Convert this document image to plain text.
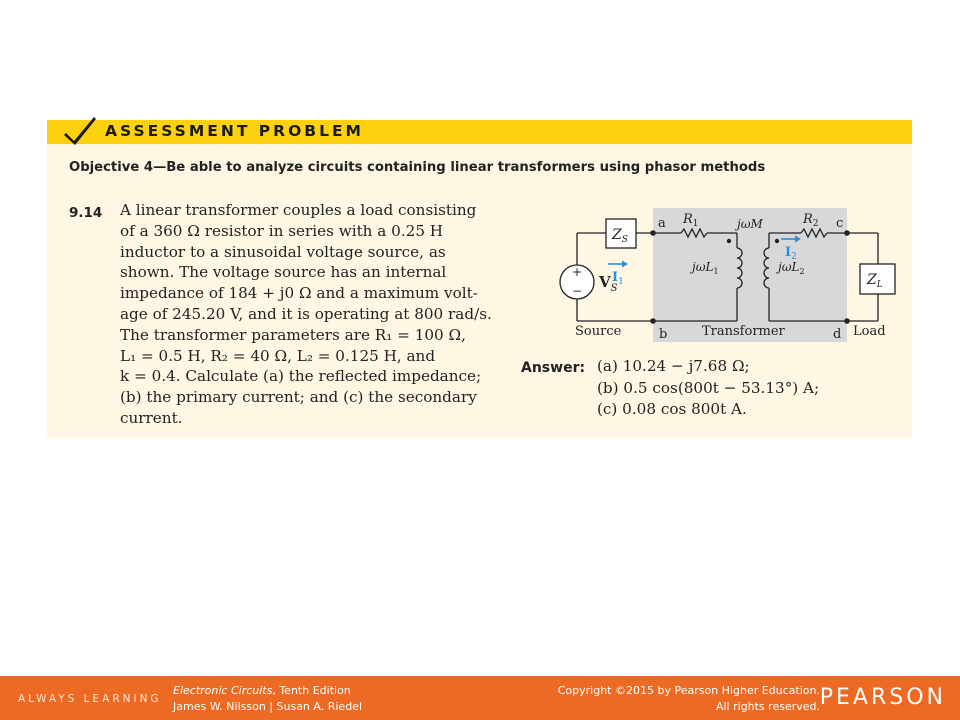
ASSESSMENT PROBLEM
Objective 4—Be able to analyze circuits containing linear transformers using phasor methods
9.14 A linear transformer couples a load consisting
of a 360 Ω resistor in series with a 0.25 H
inductor to a sinusoidal voltage source, as
shown. The voltage source has an internal
impedance of 184 + j0 Ω and a maximum volt-
age of 245.20 V, and it is operating at 800 rad/s.
The transformer parameters are R₁ = 100 Ω,
L₁ = 0.5 H, R₂ = 40 Ω, L₂ = 0.125 H, and
k = 0.4. Calculate (a) the reflected impedance;
(b) the primary current; and (c) the secondary
current.
+
−
$Z_S$
$Z_L$
$V_S$
$I_1$
$I_2$
$R_1$	$R_2$
jωM
jωL$_1$	jωL$_2$
a
b
c
d
Source	Transformer	Load
Answer: (a) 10.24 − j7.68 Ω;
(b) 0.5 cos(800t − 53.13°) A;
(c) 0.08 cos 800t A.
ALWAYS LEARNING
Electronic Circuits, Tenth Edition
James W. Nilsson | Susan A. Riedel
Copyright ©2015 by Pearson Higher Education.
All rights reserved. PEARSON
